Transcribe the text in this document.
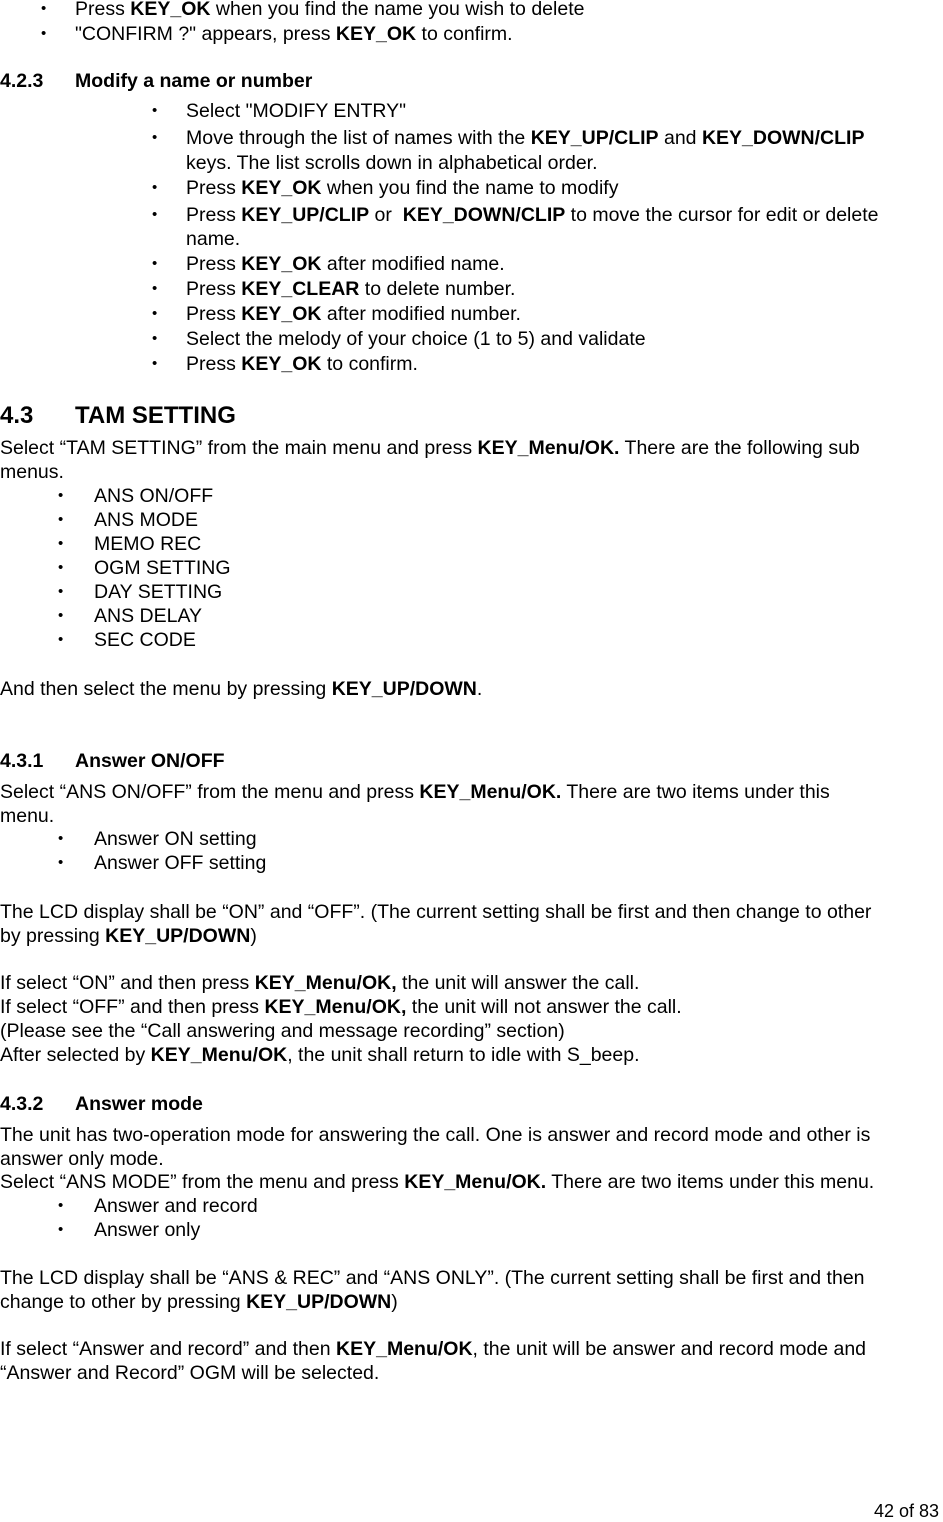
• Press KEY_OK when you find the name you wish to delete
• "CONFIRM ?" appears, press KEY_OK to confirm.
4.2.3 Modify a name or number
• Select "MODIFY ENTRY"
• Move through the list of names with the KEY_UP/CLIP and KEY_DOWN/CLIP
keys. The list scrolls down in alphabetical order.
• Press KEY_OK when you find the name to modify
• Press KEY_UP/CLIP or  KEY_DOWN/CLIP to move the cursor for edit or delete
name.
• Press KEY_OK after modified name.
• Press KEY_CLEAR to delete number.
• Press KEY_OK after modified number.
• Select the melody of your choice (1 to 5) and validate
• Press KEY_OK to confirm.
4.3 TAM SETTING
Select “TAM SETTING” from the main menu and press KEY_Menu/OK. There are the following sub
menus.
• ANS ON/OFF
• ANS MODE
• MEMO REC
• OGM SETTING
• DAY SETTING
• ANS DELAY
• SEC CODE
And then select the menu by pressing KEY_UP/DOWN.
4.3.1 Answer ON/OFF
Select “ANS ON/OFF” from the menu and press KEY_Menu/OK. There are two items under this
menu.
• Answer ON setting
• Answer OFF setting
The LCD display shall be “ON” and “OFF”. (The current setting shall be first and then change to other
by pressing KEY_UP/DOWN)
If select “ON” and then press KEY_Menu/OK, the unit will answer the call.
If select “OFF” and then press KEY_Menu/OK, the unit will not answer the call.
(Please see the “Call answering and message recording” section)
After selected by KEY_Menu/OK, the unit shall return to idle with S_beep.
4.3.2 Answer mode
The unit has two-operation mode for answering the call. One is answer and record mode and other is
answer only mode.
Select “ANS MODE” from the menu and press KEY_Menu/OK. There are two items under this menu.
• Answer and record
• Answer only
The LCD display shall be “ANS & REC” and “ANS ONLY”. (The current setting shall be first and then
change to other by pressing KEY_UP/DOWN)
If select “Answer and record” and then KEY_Menu/OK, the unit will be answer and record mode and
“Answer and Record” OGM will be selected.
42 of 83
